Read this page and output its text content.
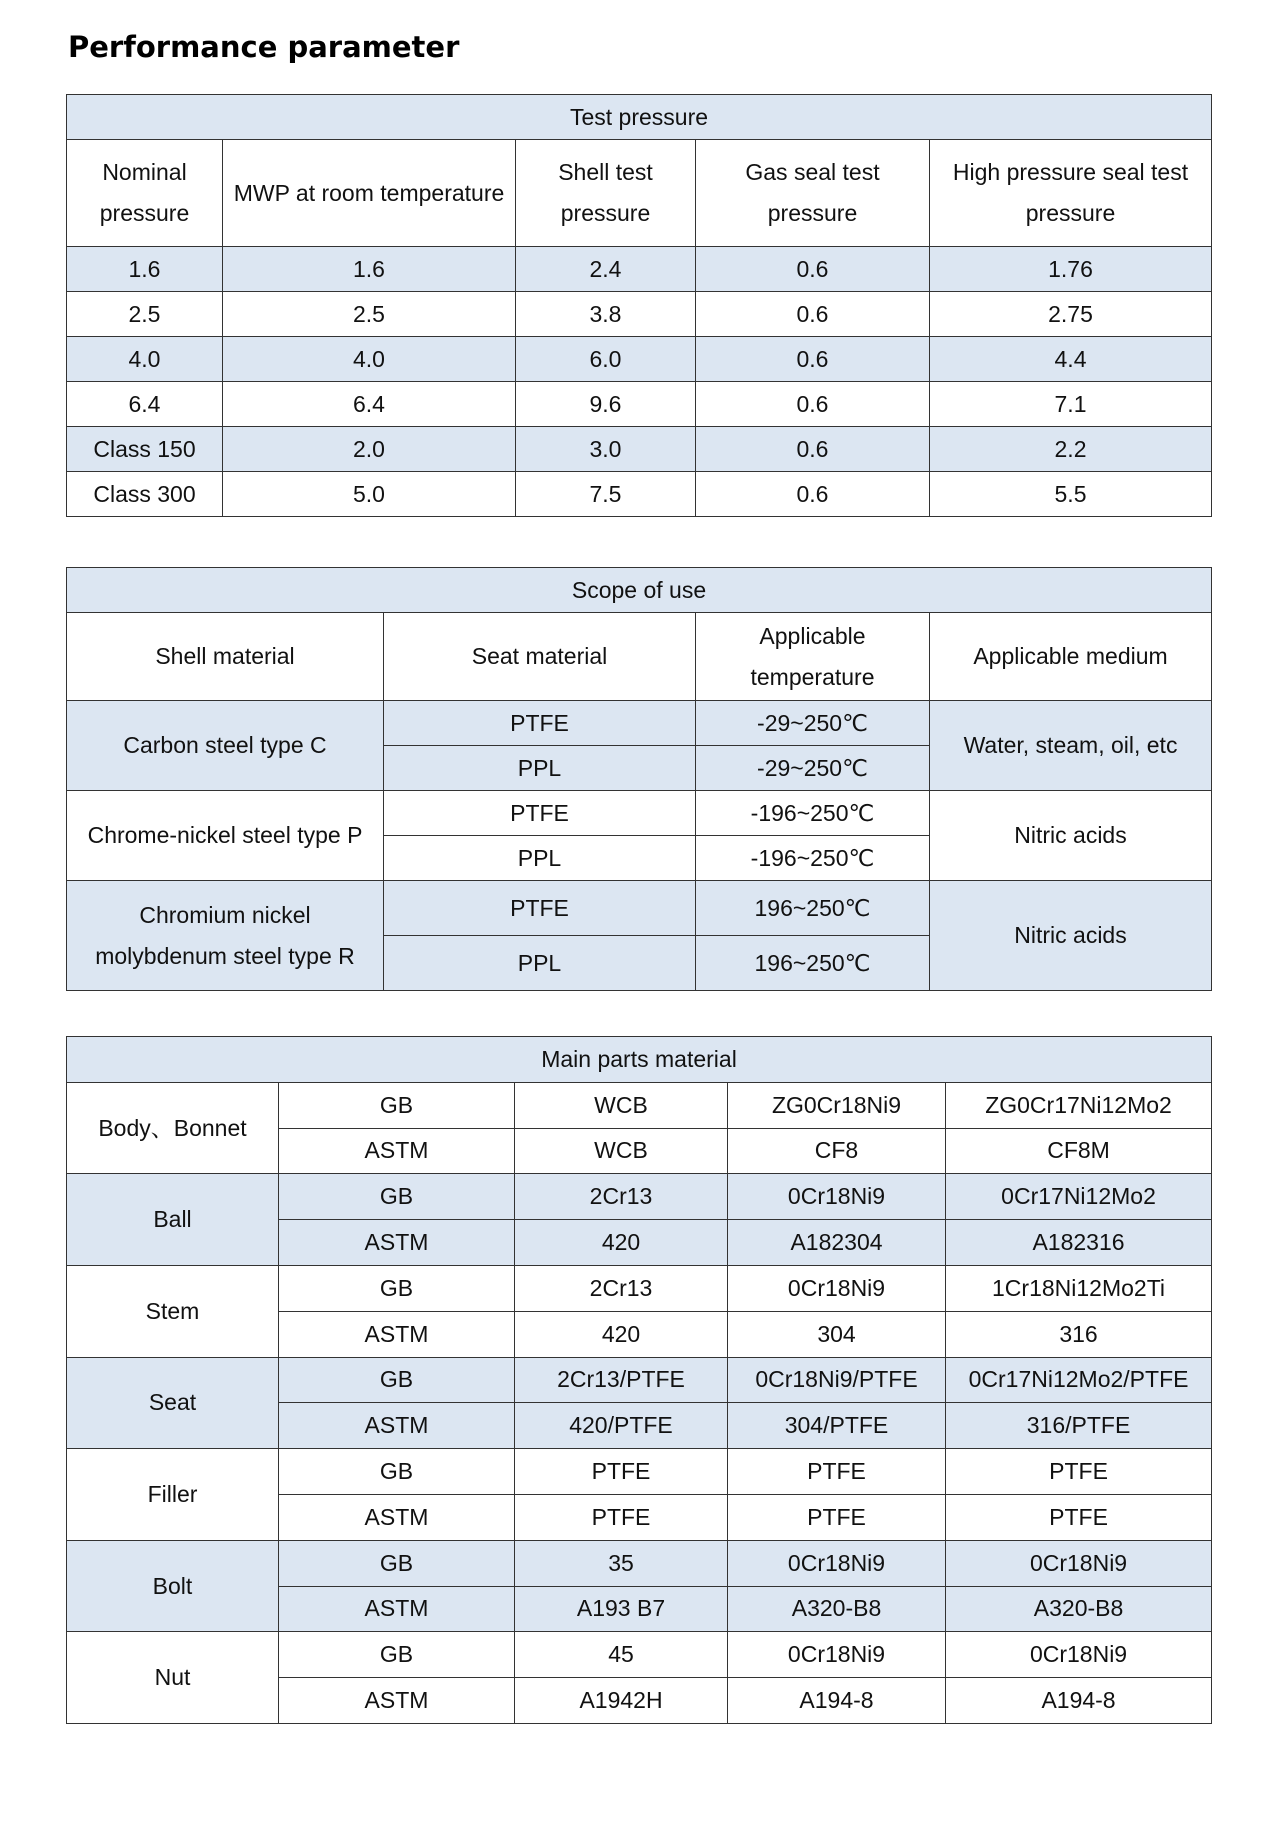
Performance parameter
Test pressure				
Nominal pressure	MWP at room temperature	Shell test pressure	Gas seal test pressure	High pressure seal test pressure
1.6	1.6	2.4	0.6	1.76
2.5	2.5	3.8	0.6	2.75
4.0	4.0	6.0	0.6	4.4
6.4	6.4	9.6	0.6	7.1
Class 150	2.0	3.0	0.6	2.2
Class 300	5.0	7.5	0.6	5.5
Scope of use			
Shell material	Seat material	Applicable temperature	Applicable medium
Carbon steel type C	PTFE	-29~250℃	Water, steam, oil, etc
	PPL	-29~250℃	
Chrome-nickel steel type P	PTFE	-196~250℃	Nitric acids
	PPL	-196~250℃	
Chromium nickel molybdenum steel type R	PTFE	196~250℃	Nitric acids
	PPL	196~250℃	
Main parts material				
Body、Bonnet	GB	WCB	ZG0Cr18Ni9	ZG0Cr17Ni12Mo2
	ASTM	WCB	CF8	CF8M
Ball	GB	2Cr13	0Cr18Ni9	0Cr17Ni12Mo2
	ASTM	420	A182304	A182316
Stem	GB	2Cr13	0Cr18Ni9	1Cr18Ni12Mo2Ti
	ASTM	420	304	316
Seat	GB	2Cr13/PTFE	0Cr18Ni9/PTFE	0Cr17Ni12Mo2/PTFE
	ASTM	420/PTFE	304/PTFE	316/PTFE
Filler	GB	PTFE	PTFE	PTFE
	ASTM	PTFE	PTFE	PTFE
Bolt	GB	35	0Cr18Ni9	0Cr18Ni9
	ASTM	A193 B7	A320-B8	A320-B8
Nut	GB	45	0Cr18Ni9	0Cr18Ni9
	ASTM	A1942H	A194-8	A194-8
